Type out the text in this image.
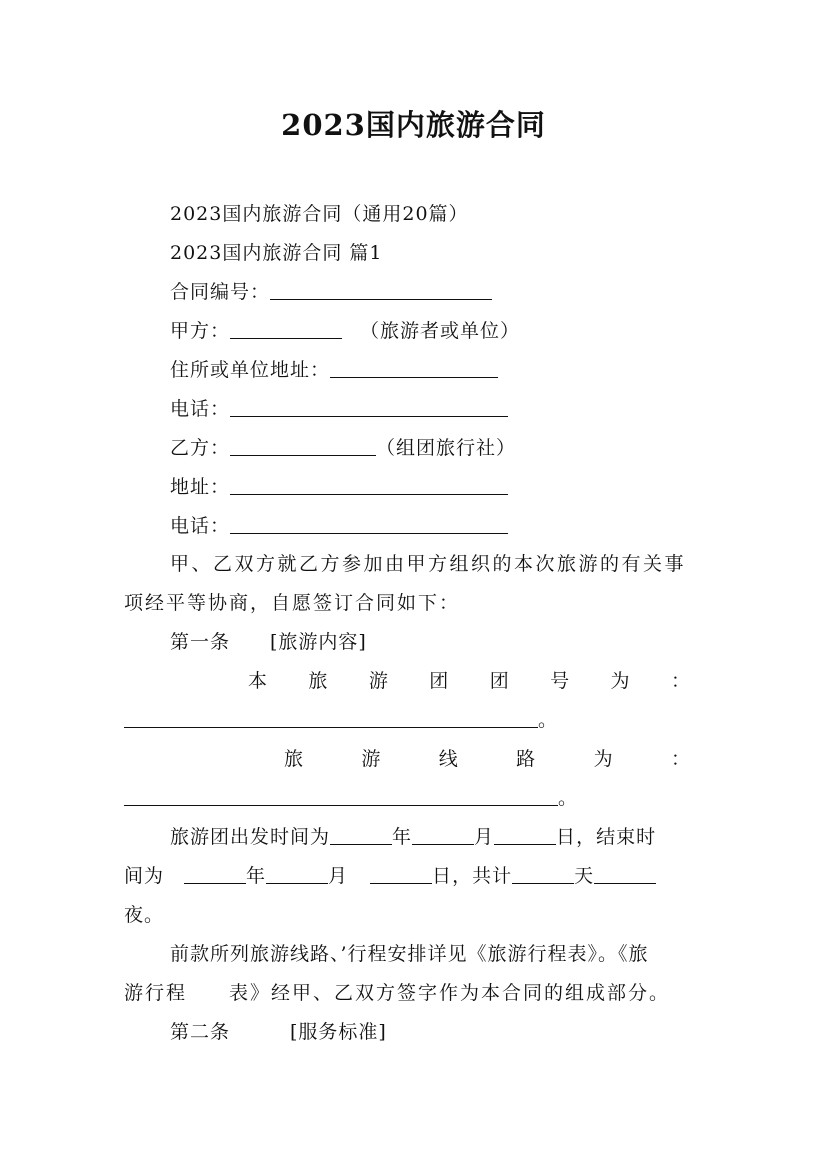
2023国内旅游合同
2023国内旅游合同（通用20篇）
2023国内旅游合同 篇1
合同编号：
甲方：	（旅游者或单位）
住所或单位地址：
电话：
乙方：	（组团旅行社）
地址：
电话：
甲、乙双方就乙方参加由甲方组织的本次旅游的有关事
项经平等协商，自愿签订合同如下：
第一条　　[旅游内容]
本 旅 游 团 团 号 为 ：
。
旅	游	线	路	为	：
。
旅游团出发时间为	年	月	日，结束时
间为	年	月	日，共计	天
夜。
前款所列旅游线路、’行程安排详见《旅游行程表》。《旅
游行程　　表》经甲、乙双方签字作为本合同的组成部分。
第二条　　　[服务标准]
